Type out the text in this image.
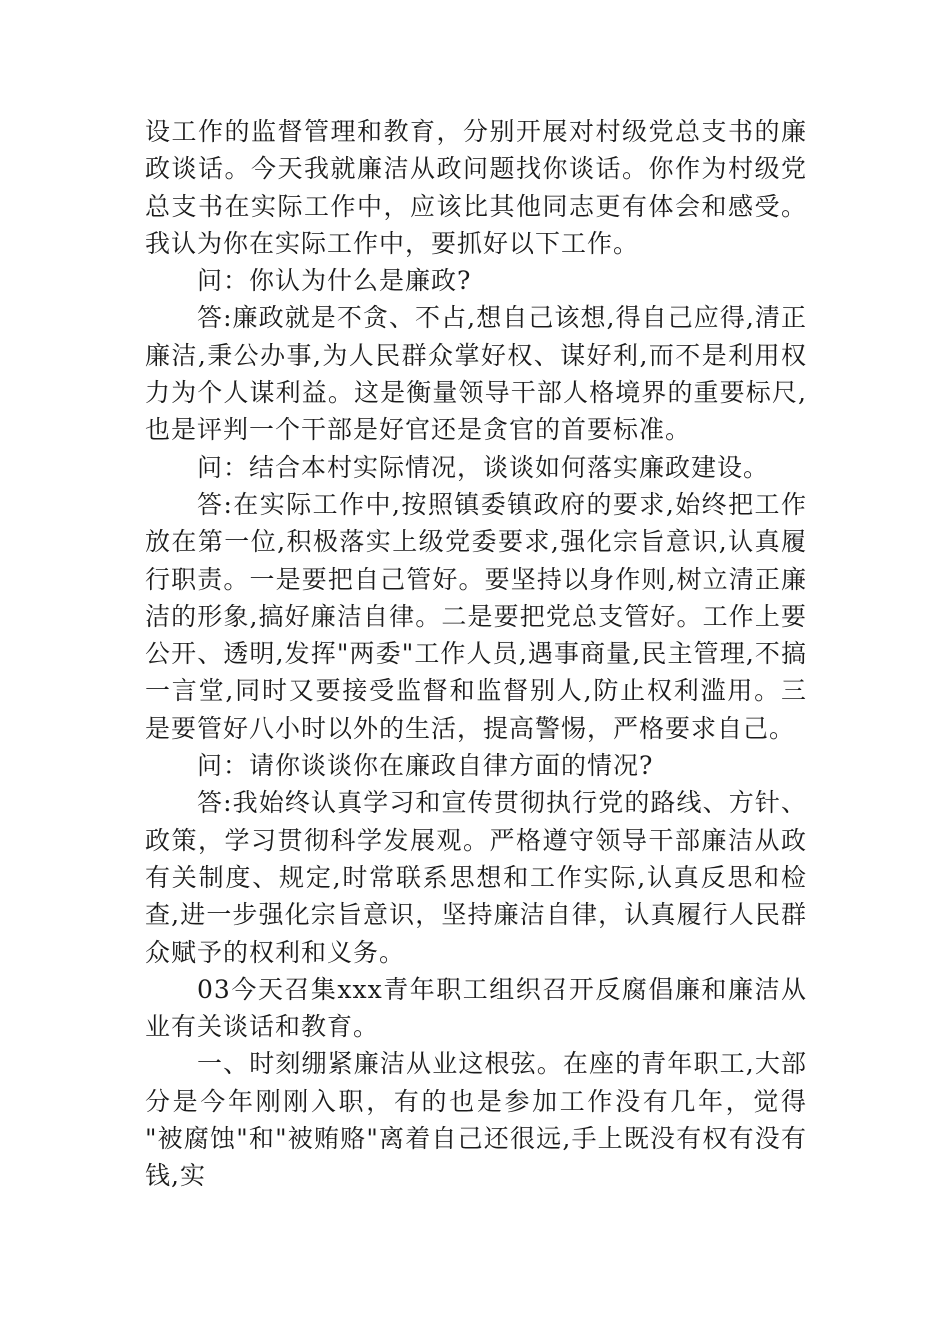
设工作的监督管理和教育，分别开展对村级党总支书的廉政谈话。今天我就廉洁从政问题找你谈话。你作为村级党总支书在实际工作中，应该比其他同志更有体会和感受。我认为你在实际工作中，要抓好以下工作。

问：你认为什么是廉政?

答:廉政就是不贪、不占,想自己该想,得自己应得,清正廉洁,秉公办事,为人民群众掌好权、谋好利,而不是利用权力为个人谋利益。这是衡量领导干部人格境界的重要标尺,也是评判一个干部是好官还是贪官的首要标准。

问：结合本村实际情况，谈谈如何落实廉政建设。

答:在实际工作中,按照镇委镇政府的要求,始终把工作放在第一位,积极落实上级党委要求,强化宗旨意识,认真履行职责。一是要把自己管好。要坚持以身作则,树立清正廉洁的形象,搞好廉洁自律。二是要把党总支管好。工作上要公开、透明,发挥"两委"工作人员,遇事商量,民主管理,不搞一言堂,同时又要接受监督和监督别人,防止权利滥用。三是要管好八小时以外的生活，提高警惕，严格要求自己。

问：请你谈谈你在廉政自律方面的情况?

答:我始终认真学习和宣传贯彻执行党的路线、方针、政策，学习贯彻科学发展观。严格遵守领导干部廉洁从政有关制度、规定,时常联系思想和工作实际,认真反思和检查,进一步强化宗旨意识，坚持廉洁自律，认真履行人民群众赋予的权利和义务。

03今天召集xxx青年职工组织召开反腐倡廉和廉洁从业有关谈话和教育。

一、时刻绷紧廉洁从业这根弦。在座的青年职工,大部分是今年刚刚入职，有的也是参加工作没有几年，觉得 "被腐蚀"和"被贿赂"离着自己还很远,手上既没有权有没有钱,实
